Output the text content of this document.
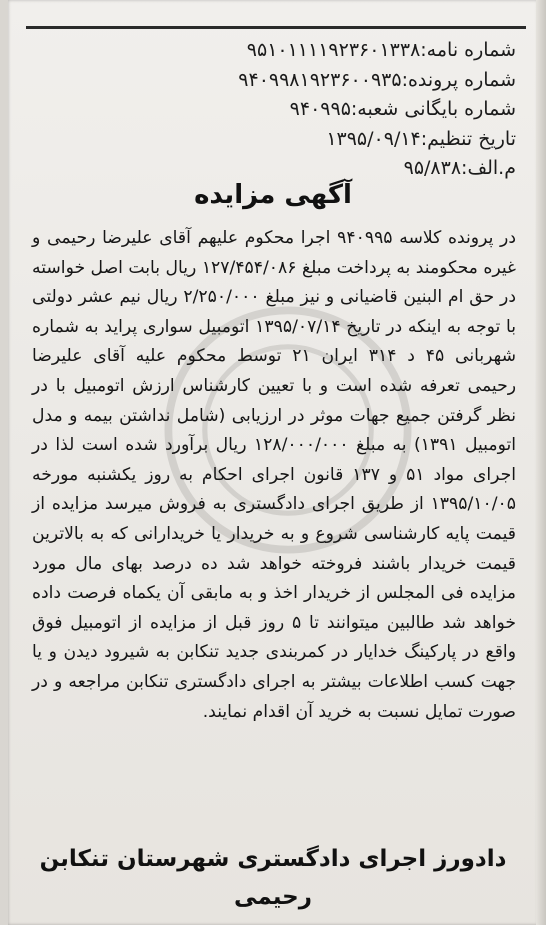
شماره نامه:۹۵۱۰۱۱۱۱۹۲۳۶۰۱۳۳۸
شماره پرونده:۹۴۰۹۹۸۱۹۲۳۶۰۰۹۳۵
شماره بایگانی شعبه:۹۴۰۹۹۵
تاریخ تنظیم:۱۳۹۵/۰۹/۱۴
م.الف:۹۵/۸۳۸
آگهی مزایده
در پرونده کلاسه ۹۴۰۹۹۵ اجرا محکوم علیهم آقای علیرضا رحیمی و غیره محکومند به پرداخت مبلغ ۱۲۷/۴۵۴/۰۸۶ ریال بابت اصل خواسته در حق ام البنین قاضیانی و نیز مبلغ ۲/۲۵۰/۰۰۰ ریال نیم عشر دولتی با توجه به اینکه در تاریخ ۱۳۹۵/۰۷/۱۴ اتومبیل سواری پراید به شماره شهربانی ۴۵ د ۳۱۴ ایران ۲۱ توسط محکوم علیه آقای علیرضا رحیمی تعرفه شده است و با تعیین کارشناس ارزش اتومبیل با در نظر گرفتن جمیع جهات موثر در ارزیابی (شامل نداشتن بیمه و مدل اتومبیل ۱۳۹۱) به مبلغ ۱۲۸/۰۰۰/۰۰۰ ریال برآورد شده است لذا در اجرای مواد ۵۱ و ۱۳۷ قانون اجرای احکام به روز یکشنبه مورخه ۱۳۹۵/۱۰/۰۵ از طریق اجرای دادگستری به فروش میرسد مزایده از قیمت پایه کارشناسی شروع و به خریدار یا خریدارانی که به بالاترین قیمت خریدار باشند فروخته خواهد شد ده درصد بهای مال مورد مزایده فی المجلس از خریدار اخذ و به مابقی آن یکماه فرصت داده خواهد شد طالبین میتوانند تا ۵ روز قبل از مزایده از اتومبیل فوق واقع در پارکینگ خدایار در کمربندی جدید تنکابن به شیرود دیدن و یا جهت کسب اطلاعات بیشتر به اجرای دادگستری تنکابن مراجعه و در صورت تمایل نسبت به خرید آن اقدام نمایند.
دادورز اجرای دادگستری شهرستان تنکابن
رحیمی
